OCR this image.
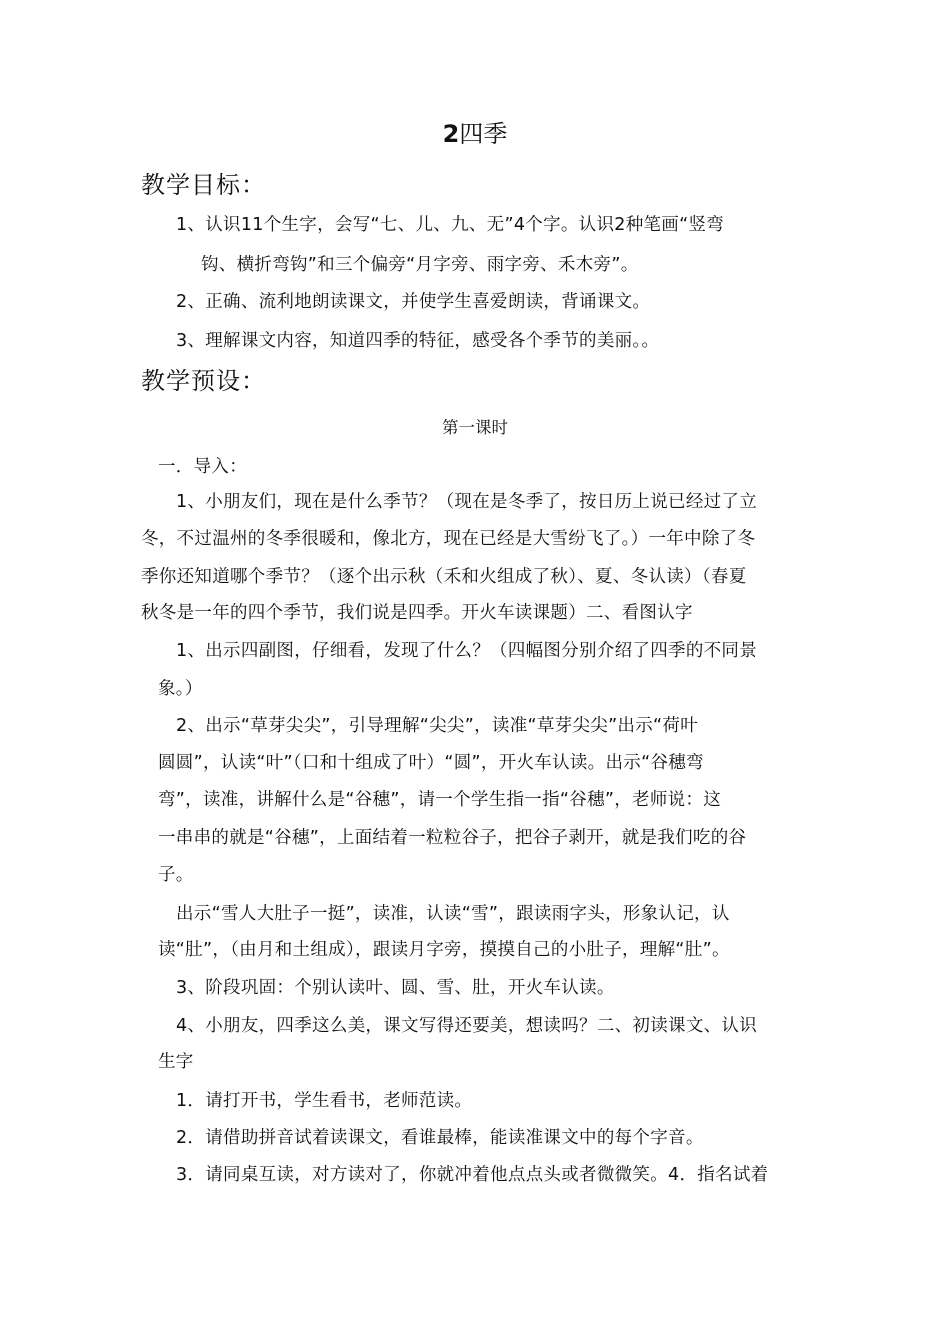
2四季
教学目标：
1、认识11个生字，会写“七、儿、九、无”4个字。认识2种笔画“竖弯
钩、横折弯钩”和三个偏旁“月字旁、雨字旁、禾木旁”。
2、正确、流利地朗读课文，并使学生喜爱朗读，背诵课文。
3、理解课文内容，知道四季的特征，感受各个季节的美丽。。
教学预设：
第一课时
一．导入：
1、小朋友们，现在是什么季节？（现在是冬季了，按日历上说已经过了立
冬，不过温州的冬季很暖和，像北方，现在已经是大雪纷飞了。）一年中除了冬
季你还知道哪个季节？（逐个出示秋（禾和火组成了秋）、夏、冬认读）（春夏
秋冬是一年的四个季节，我们说是四季。开火车读课题）二、看图认字
1、出示四副图，仔细看，发现了什么？（四幅图分别介绍了四季的不同景
象。）
2、出示“草芽尖尖”，引导理解“尖尖”，读准“草芽尖尖”出示“荷叶
圆圆”，认读“叶”（口和十组成了叶）“圆”，开火车认读。出示“谷穗弯
弯”，读准，讲解什么是“谷穗”，请一个学生指一指“谷穗”，老师说：这
一串串的就是“谷穗”，上面结着一粒粒谷子，把谷子剥开，就是我们吃的谷
子。
出示“雪人大肚子一挺”，读准，认读“雪”，跟读雨字头，形象认记，认
读“肚”，（由月和土组成），跟读月字旁，摸摸自己的小肚子，理解“肚”。
3、阶段巩固：个别认读叶、圆、雪、肚，开火车认读。
4、小朋友，四季这么美，课文写得还要美，想读吗？二、初读课文、认识
生字
1．请打开书，学生看书，老师范读。
2．请借助拼音试着读课文，看谁最棒，能读准课文中的每个字音。
3．请同桌互读，对方读对了，你就冲着他点点头或者微微笑。4．指名试着
